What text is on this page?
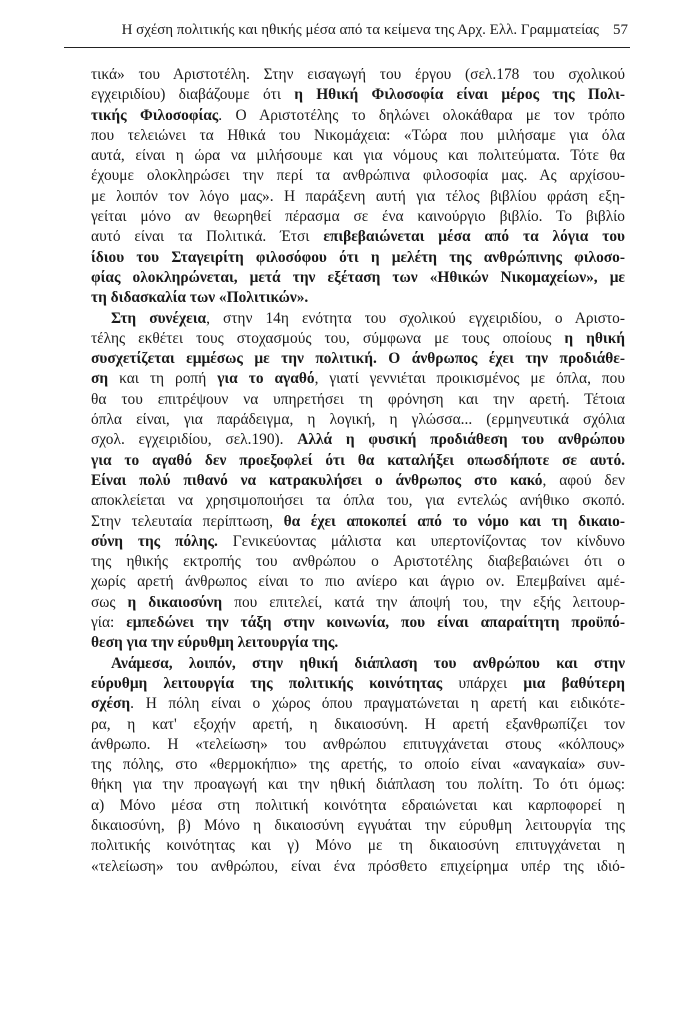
Η σχέση πολιτικής και ηθικής μέσα από τα κείμενα της Αρχ. Ελλ. Γραμματείας 57
τικά» του Αριστοτέλη. Στην εισαγωγή του έργου (σελ.178 του σχολικού
εγχειριδίου) διαβάζουμε ότι η Ηθική Φιλοσοφία είναι μέρος της Πολι-
τικής Φιλοσοφίας. Ο Αριστοτέλης το δηλώνει ολοκάθαρα με τον τρόπο
που τελειώνει τα Ηθικά του Νικομάχεια: «Τώρα που μιλήσαμε για όλα
αυτά, είναι η ώρα να μιλήσουμε και για νόμους και πολιτεύματα. Τότε θα
έχουμε ολοκληρώσει την περί τα ανθρώπινα φιλοσοφία μας. Ας αρχίσου-
με λοιπόν τον λόγο μας». Η παράξενη αυτή για τέλος βιβλίου φράση εξη-
γείται μόνο αν θεωρηθεί πέρασμα σε ένα καινούργιο βιβλίο. Το βιβλίο
αυτό είναι τα Πολιτικά. Έτσι επιβεβαιώνεται μέσα από τα λόγια του
ίδιου του Σταγειρίτη φιλοσόφου ότι η μελέτη της ανθρώπινης φιλοσο-
φίας ολοκληρώνεται, μετά την εξέταση των «Ηθικών Νικομαχείων», με
τη διδασκαλία των «Πολιτικών».
Στη συνέχεια, στην 14η ενότητα του σχολικού εγχειριδίου, ο Αριστο-
τέλης εκθέτει τους στοχασμούς του, σύμφωνα με τους οποίους η ηθική
συσχετίζεται εμμέσως με την πολιτική. Ο άνθρωπος έχει την προδιάθε-
ση και τη ροπή για το αγαθό, γιατί γεννιέται προικισμένος με όπλα, που
θα του επιτρέψουν να υπηρετήσει τη φρόνηση και την αρετή. Τέτοια
όπλα είναι, για παράδειγμα, η λογική, η γλώσσα... (ερμηνευτικά σχόλια
σχολ. εγχειριδίου, σελ.190). Αλλά η φυσική προδιάθεση του ανθρώπου
για το αγαθό δεν προεξοφλεί ότι θα καταλήξει οπωσδήποτε σε αυτό.
Είναι πολύ πιθανό να κατρακυλήσει ο άνθρωπος στο κακό, αφού δεν
αποκλείεται να χρησιμοποιήσει τα όπλα του, για εντελώς ανήθικο σκοπό.
Στην τελευταία περίπτωση, θα έχει αποκοπεί από το νόμο και τη δικαιο-
σύνη της πόλης. Γενικεύοντας μάλιστα και υπερτονίζοντας τον κίνδυνο
της ηθικής εκτροπής του ανθρώπου ο Αριστοτέλης διαβεβαιώνει ότι ο
χωρίς αρετή άνθρωπος είναι το πιο ανίερο και άγριο ον. Επεμβαίνει αμέ-
σως η δικαιοσύνη που επιτελεί, κατά την άποψή του, την εξής λειτουρ-
γία: εμπεδώνει την τάξη στην κοινωνία, που είναι απαραίτητη προϋπό-
θεση για την εύρυθμη λειτουργία της.
Ανάμεσα, λοιπόν, στην ηθική διάπλαση του ανθρώπου και στην
εύρυθμη λειτουργία της πολιτικής κοινότητας υπάρχει μια βαθύτερη
σχέση. Η πόλη είναι ο χώρος όπου πραγματώνεται η αρετή και ειδικότε-
ρα, η κατ' εξοχήν αρετή, η δικαιοσύνη. Η αρετή εξανθρωπίζει τον
άνθρωπο. Η «τελείωση» του ανθρώπου επιτυγχάνεται στους «κόλπους»
της πόλης, στο «θερμοκήπιο» της αρετής, το οποίο είναι «αναγκαία» συν-
θήκη για την προαγωγή και την ηθική διάπλαση του πολίτη. Το ότι όμως:
α) Μόνο μέσα στη πολιτική κοινότητα εδραιώνεται και καρποφορεί η
δικαιοσύνη, β) Μόνο η δικαιοσύνη εγγυάται την εύρυθμη λειτουργία της
πολιτικής κοινότητας και γ) Μόνο με τη δικαιοσύνη επιτυγχάνεται η
«τελείωση» του ανθρώπου, είναι ένα πρόσθετο επιχείρημα υπέρ της ιδιό-
